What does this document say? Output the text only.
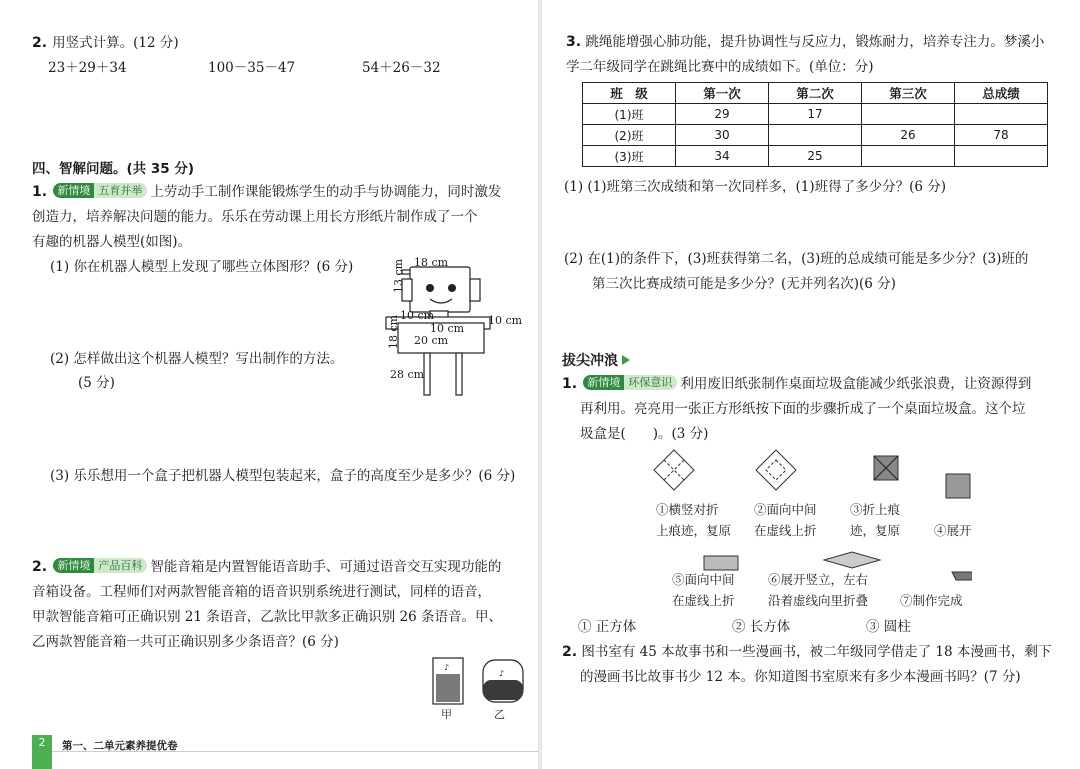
2. 用竖式计算。(12 分)
23＋29＋34	100－35－47	54＋26－32
四、智解问题。(共 35 分)
1. 新情境 五育并举 上劳动手工制作课能锻炼学生的动手与协调能力，同时激发
创造力，培养解决问题的能力。乐乐在劳动课上用长方形纸片制作成了一个
有趣的机器人模型(如图)。
(1) 你在机器人模型上发现了哪些立体图形？(6 分)
(2) 怎样做出这个机器人模型？写出制作的方法。
(5 分)
(3) 乐乐想用一个盒子把机器人模型包装起来，盒子的高度至少是多少？(6 分)
18 cm
13 cm
10 cm
10 cm
10 cm
18 cm 20 cm
28 cm
2. 新情境 产品百科 智能音箱是内置智能语音助手、可通过语音交互实现功能的
音箱设备。工程师们对两款智能音箱的语音识别系统进行测试，同样的语音，
甲款智能音箱可正确识别 21 条语音，乙款比甲款多正确识别 26 条语音。甲、
乙两款智能音箱一共可正确识别多少条语音？(6 分)
♪
♪
甲	乙
2	第一、二单元素养提优卷
3. 跳绳能增强心肺功能，提升协调性与反应力，锻炼耐力，培养专注力。梦溪小
学二年级同学在跳绳比赛中的成绩如下。(单位：分)
班　级	第一次	第二次	第三次	总成绩
(1)班	29	17		
(2)班	30		26	78
(3)班	34	25		
(1) (1)班第三次成绩和第一次同样多，(1)班得了多少分？(6 分)
(2) 在(1)的条件下，(3)班获得第二名，(3)班的总成绩可能是多少分？(3)班的
第三次比赛成绩可能是多少分？(无并列名次)(6 分)
拔尖冲浪
1. 新情境 环保意识 利用废旧纸张制作桌面垃圾盒能减少纸张浪费，让资源得到
再利用。亮亮用一张正方形纸按下面的步骤折成了一个桌面垃圾盒。这个垃
圾盒是(　　)。(3 分)
①横竖对折
上痕迹，复原
②面向中间
在虚线上折
③折上痕
迹，复原	④展开
⑤面向中间
在虚线上折
⑥展开竖立，左右
沿着虚线向里折叠	⑦制作完成
① 正方体	② 长方体	③ 圆柱
2. 图书室有 45 本故事书和一些漫画书，被二年级同学借走了 18 本漫画书，剩下
的漫画书比故事书少 12 本。你知道图书室原来有多少本漫画书吗？(7 分)
